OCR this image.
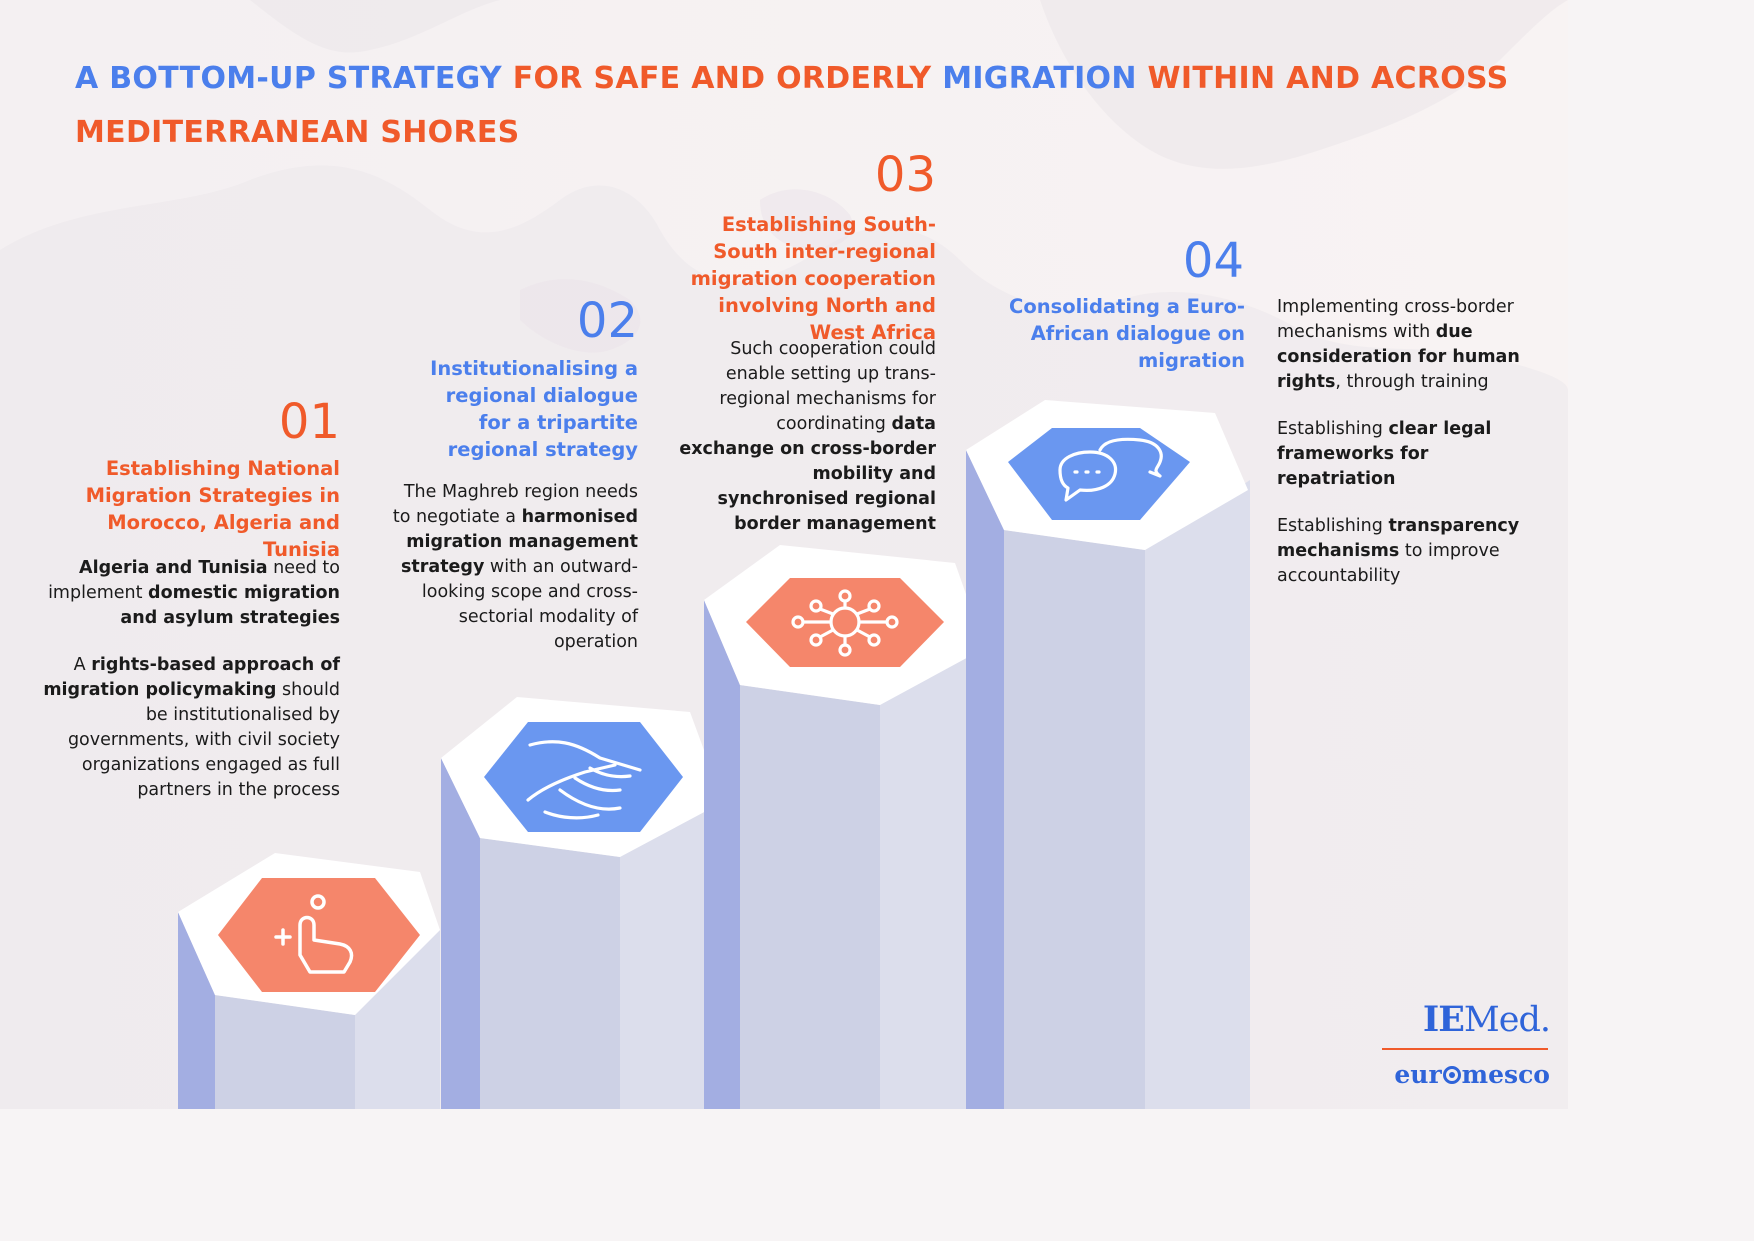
A BOTTOM-UP STRATEGY FOR SAFE AND ORDERLY MIGRATION WITHIN AND ACROSS MEDITERRANEAN SHORES
01
Establishing National Migration Strategies in Morocco, Algeria and Tunisia

Algeria and Tunisia need to implement domestic migration and asylum strategies

A rights-based approach of migration policymaking should be institutionalised by governments, with civil society organizations engaged as full partners in the process

02
Institutionalising a regional dialogue for a tripartite regional strategy

The Maghreb region needs to negotiate a harmonised migration management strategy with an outward-looking scope and cross-sectorial modality of operation

03
Establishing South-South inter-regional migration cooperation involving North and West Africa

Such cooperation could enable setting up trans-regional mechanisms for coordinating data exchange on cross-border mobility and synchronised regional border management

04
Consolidating a Euro-African dialogue on migration

Implementing cross-border mechanisms with due consideration for human rights, through training

Establishing clear legal frameworks for repatriation

Establishing transparency mechanisms to improve accountability

IEMed.
eur mesco
